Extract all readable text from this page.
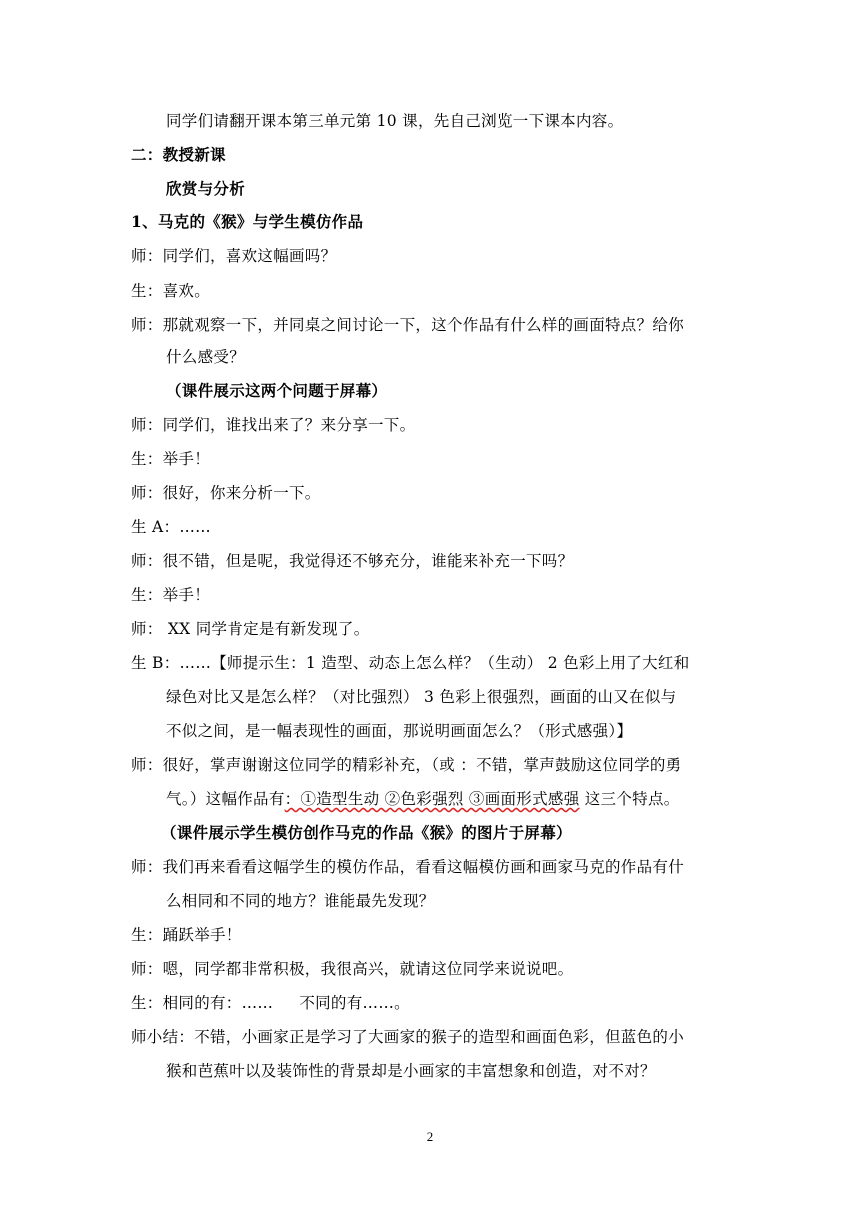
同学们请翻开课本第三单元第 10 课，先自己浏览一下课本内容。
二：教授新课
欣赏与分析
1、马克的《猴》与学生模仿作品
师：同学们，喜欢这幅画吗？
生：喜欢。
师：那就观察一下，并同桌之间讨论一下，这个作品有什么样的画面特点？给你
什么感受？
（课件展示这两个问题于屏幕）
师：同学们，谁找出来了？来分享一下。
生：举手！
师：很好，你来分析一下。
生 A：……
师：很不错，但是呢，我觉得还不够充分，谁能来补充一下吗？
生：举手！
师： XX 同学肯定是有新发现了。
生 B：……【师提示生：1 造型、动态上怎么样？（生动） 2 色彩上用了大红和
绿色对比又是怎么样？（对比强烈） 3 色彩上很强烈，画面的山又在似与
不似之间，是一幅表现性的画面，那说明画面怎么？（形式感强）】
师：很好，掌声谢谢这位同学的精彩补充，（或 ：不错，掌声鼓励这位同学的勇
气。）这幅作品有：①造型生动 ②色彩强烈 ③画面形式感强 这三个特点。
（课件展示学生模仿创作马克的作品《猴》的图片于屏幕）
师：我们再来看看这幅学生的模仿作品，看看这幅模仿画和画家马克的作品有什
么相同和不同的地方？谁能最先发现？
生：踊跃举手！
师：嗯，同学都非常积极，我很高兴，就请这位同学来说说吧。
生：相同的有：……     不同的有……。
师小结：不错，小画家正是学习了大画家的猴子的造型和画面色彩，但蓝色的小
猴和芭蕉叶以及装饰性的背景却是小画家的丰富想象和创造，对不对？
2
